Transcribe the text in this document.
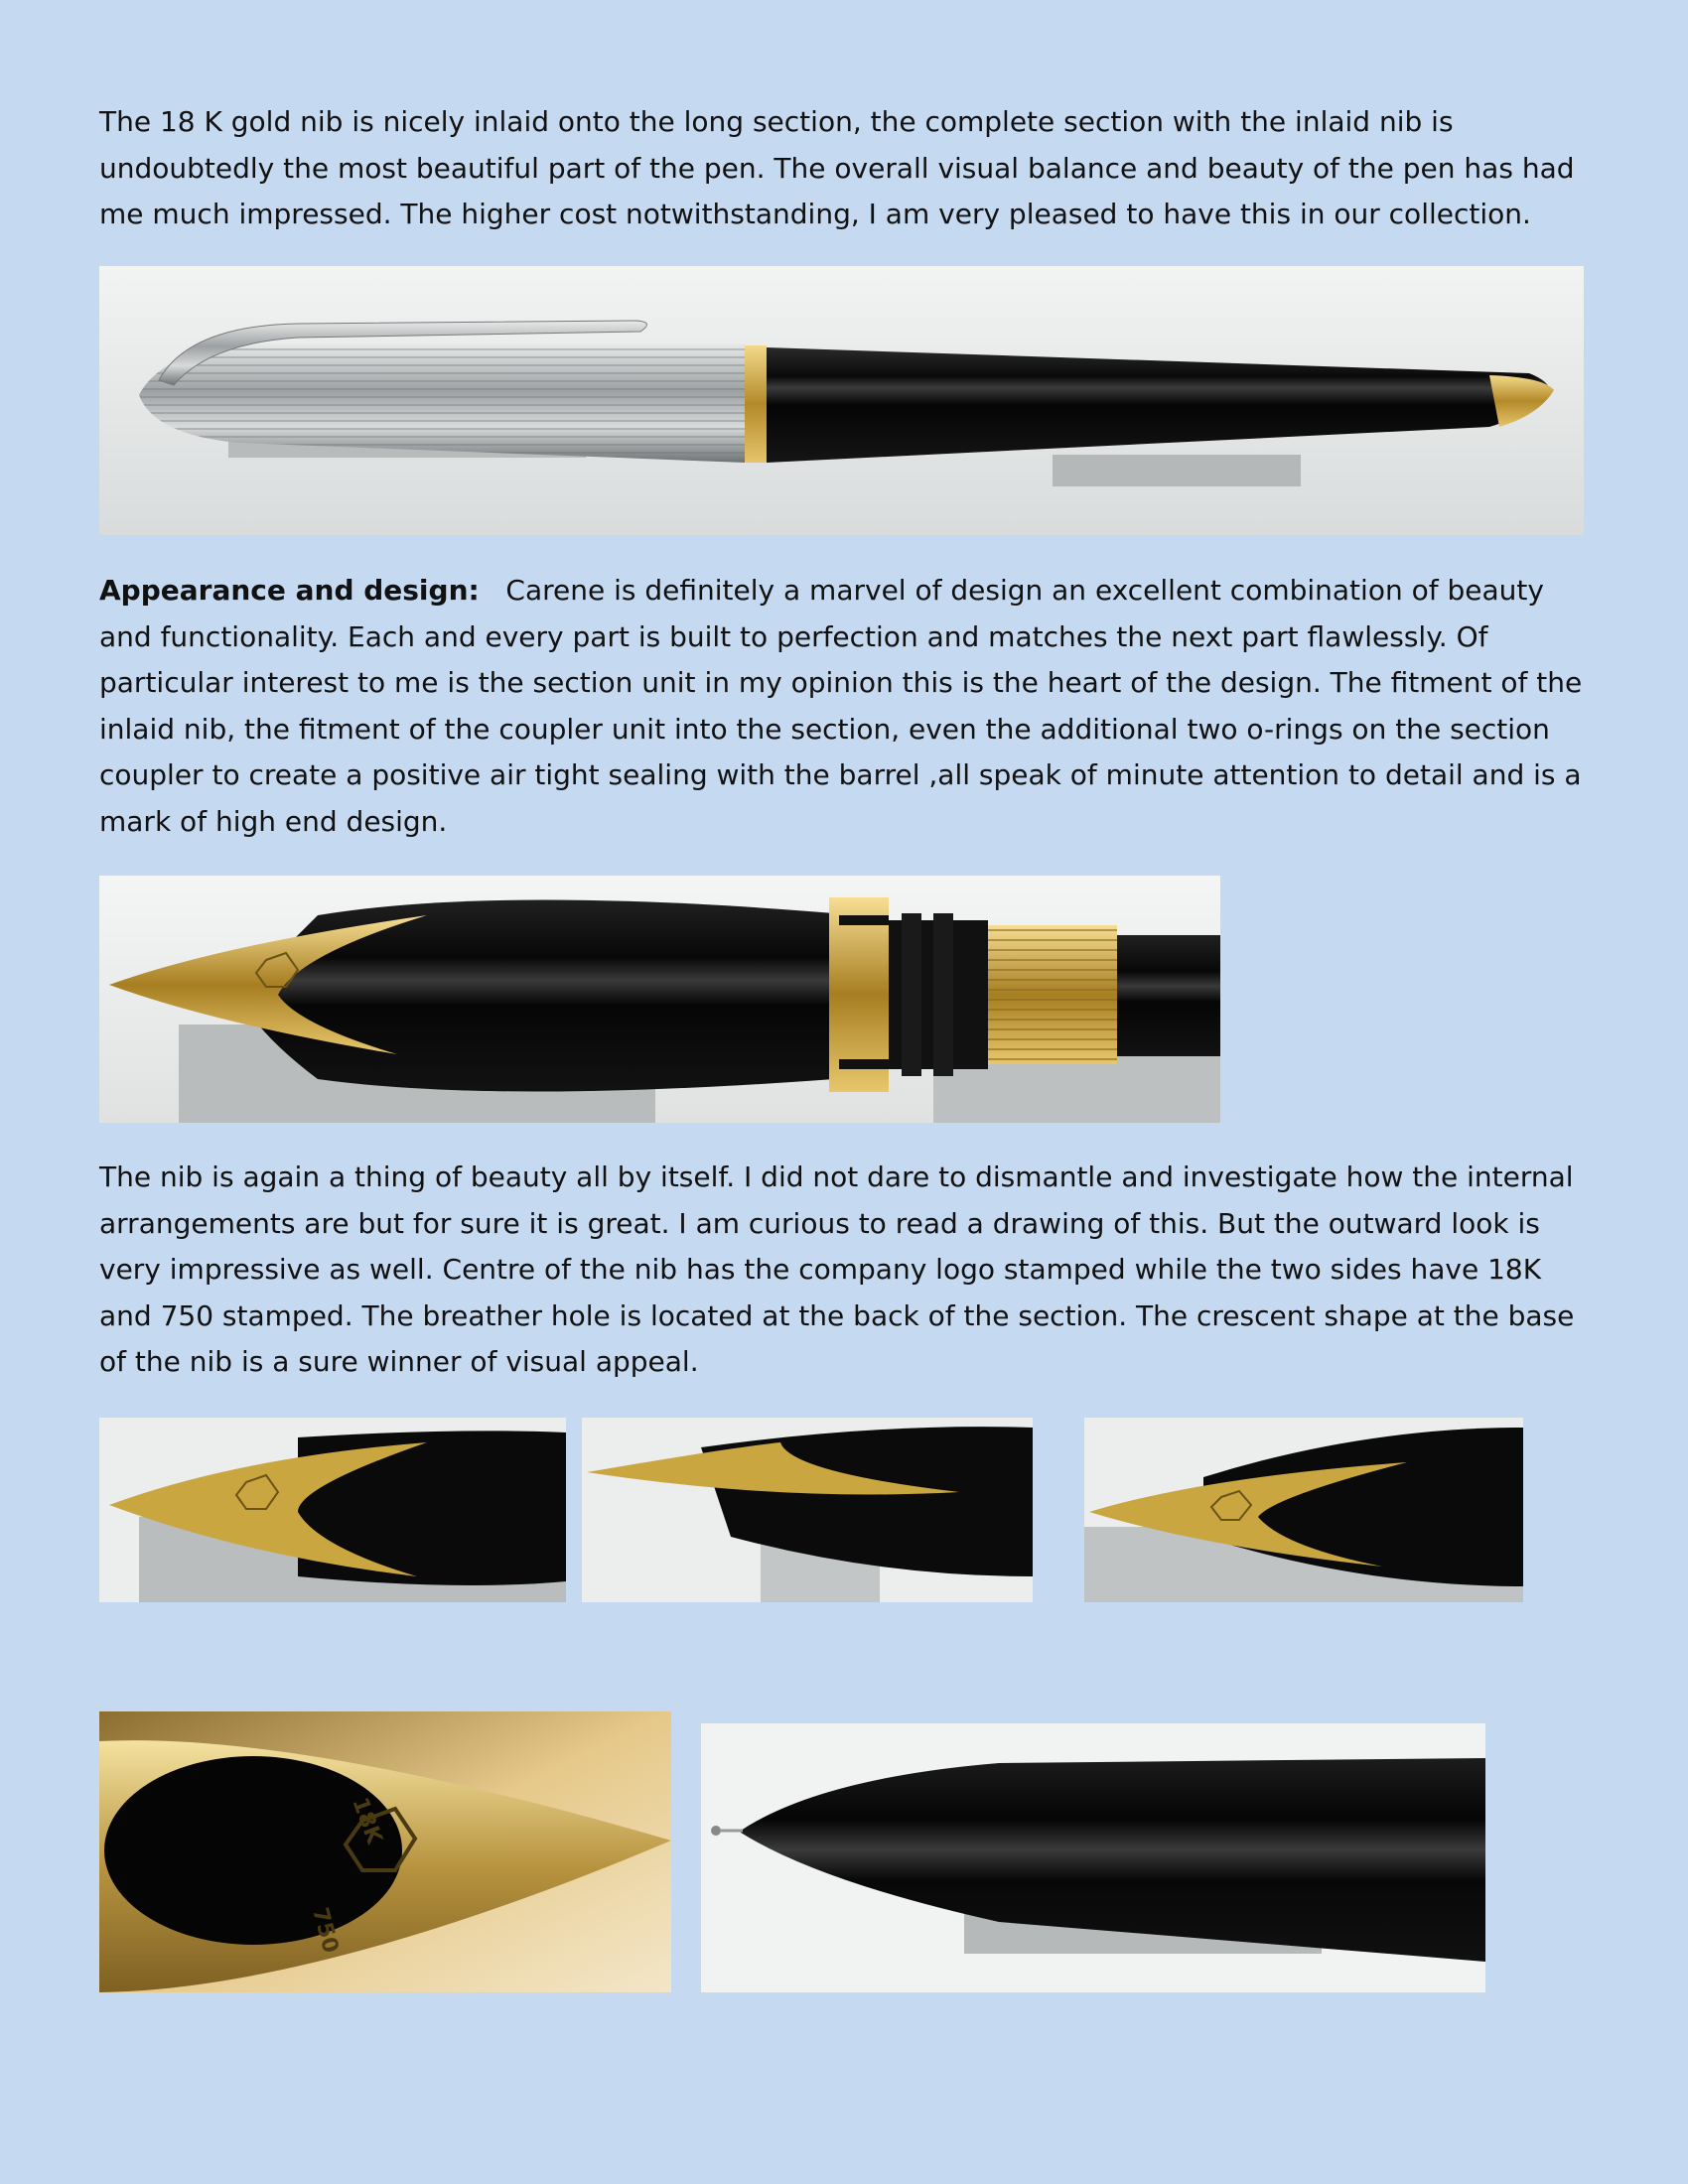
The 18 K gold nib is nicely inlaid onto the long section, the complete section with the inlaid nib is undoubtedly the most beautiful part of the pen. The overall visual balance and beauty of the pen has had me much impressed. The higher cost notwithstanding, I am very pleased to have this in our collection.

Appearance and design: Carene is definitely a marvel of design an excellent combination of beauty and functionality. Each and every part is built to perfection and matches the next part flawlessly. Of particular interest to me is the section unit in my opinion this is the heart of the design. The fitment of the inlaid nib, the fitment of the coupler unit into the section, even the additional two o-rings on the section coupler to create a positive air tight sealing with the barrel ,all speak of minute attention to detail and is a mark of high end design.

The nib is again a thing of beauty all by itself. I did not dare to dismantle and investigate how the internal arrangements are but for sure it is great. I am curious to read a drawing of this. But the outward look is very impressive as well. Centre of the nib has the company logo stamped while the two sides have 18K and 750 stamped. The breather hole is located at the back of the section. The crescent shape at the base of the nib is a sure winner of visual appeal.

18K
750
